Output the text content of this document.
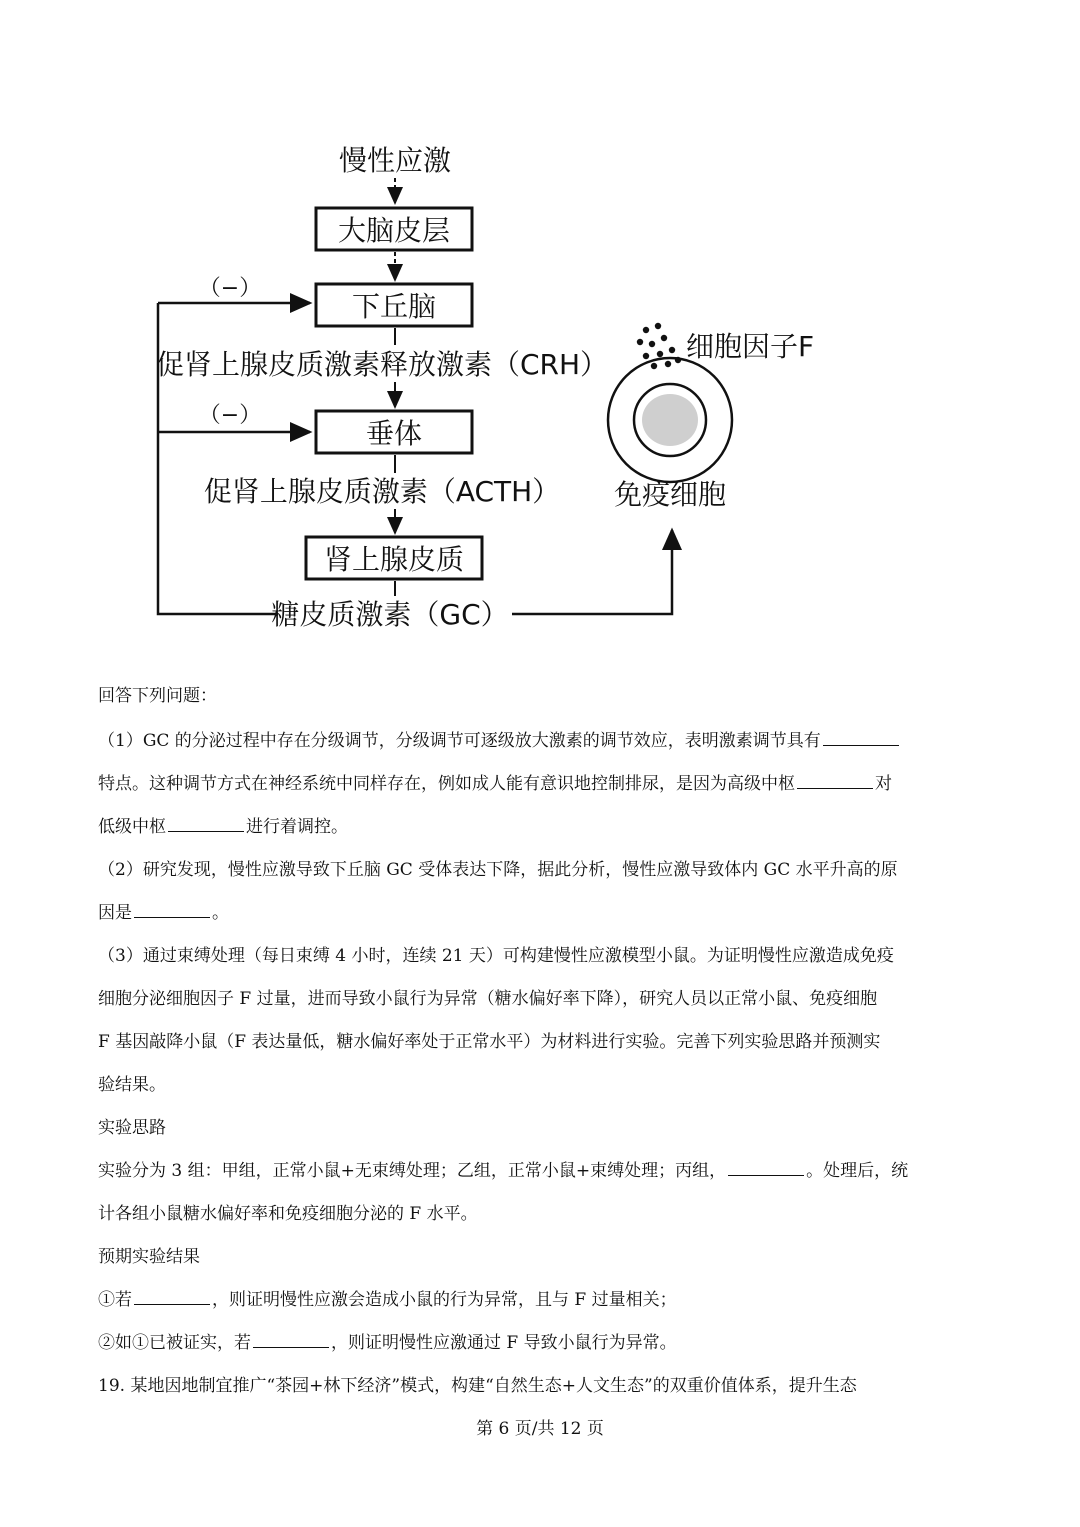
慢性应激
大脑皮层
下丘脑
促肾上腺皮质激素释放激素（CRH）
垂体
促肾上腺皮质激素（ACTH）
肾上腺皮质
糖皮质激素（GC）
（−）
（−）
免疫细胞
细胞因子F
回答下列问题：
（1）GC 的分泌过程中存在分级调节，分级调节可逐级放大激素的调节效应，表明激素调节具有
特点。这种调节方式在神经系统中同样存在，例如成人能有意识地控制排尿，是因为高级中枢	对
低级中枢	进行着调控。
（2）研究发现，慢性应激导致下丘脑 GC 受体表达下降，据此分析，慢性应激导致体内 GC 水平升高的原
因是	。
（3）通过束缚处理（每日束缚 4 小时，连续 21 天）可构建慢性应激模型小鼠。为证明慢性应激造成免疫
细胞分泌细胞因子 F 过量，进而导致小鼠行为异常（糖水偏好率下降），研究人员以正常小鼠、免疫细胞
F 基因敲降小鼠（F 表达量低，糖水偏好率处于正常水平）为材料进行实验。完善下列实验思路并预测实
验结果。
实验思路
实验分为 3 组：甲组，正常小鼠+无束缚处理；乙组，正常小鼠+束缚处理；丙组，	。处理后，统
计各组小鼠糖水偏好率和免疫细胞分泌的 F 水平。
预期实验结果
①若	，则证明慢性应激会造成小鼠的行为异常，且与 F 过量相关；
②如①已被证实，若	，则证明慢性应激通过 F 导致小鼠行为异常。
19. 某地因地制宜推广“茶园+林下经济”模式，构建“自然生态+人文生态”的双重价值体系，提升生态
第 6 页/共 12 页
